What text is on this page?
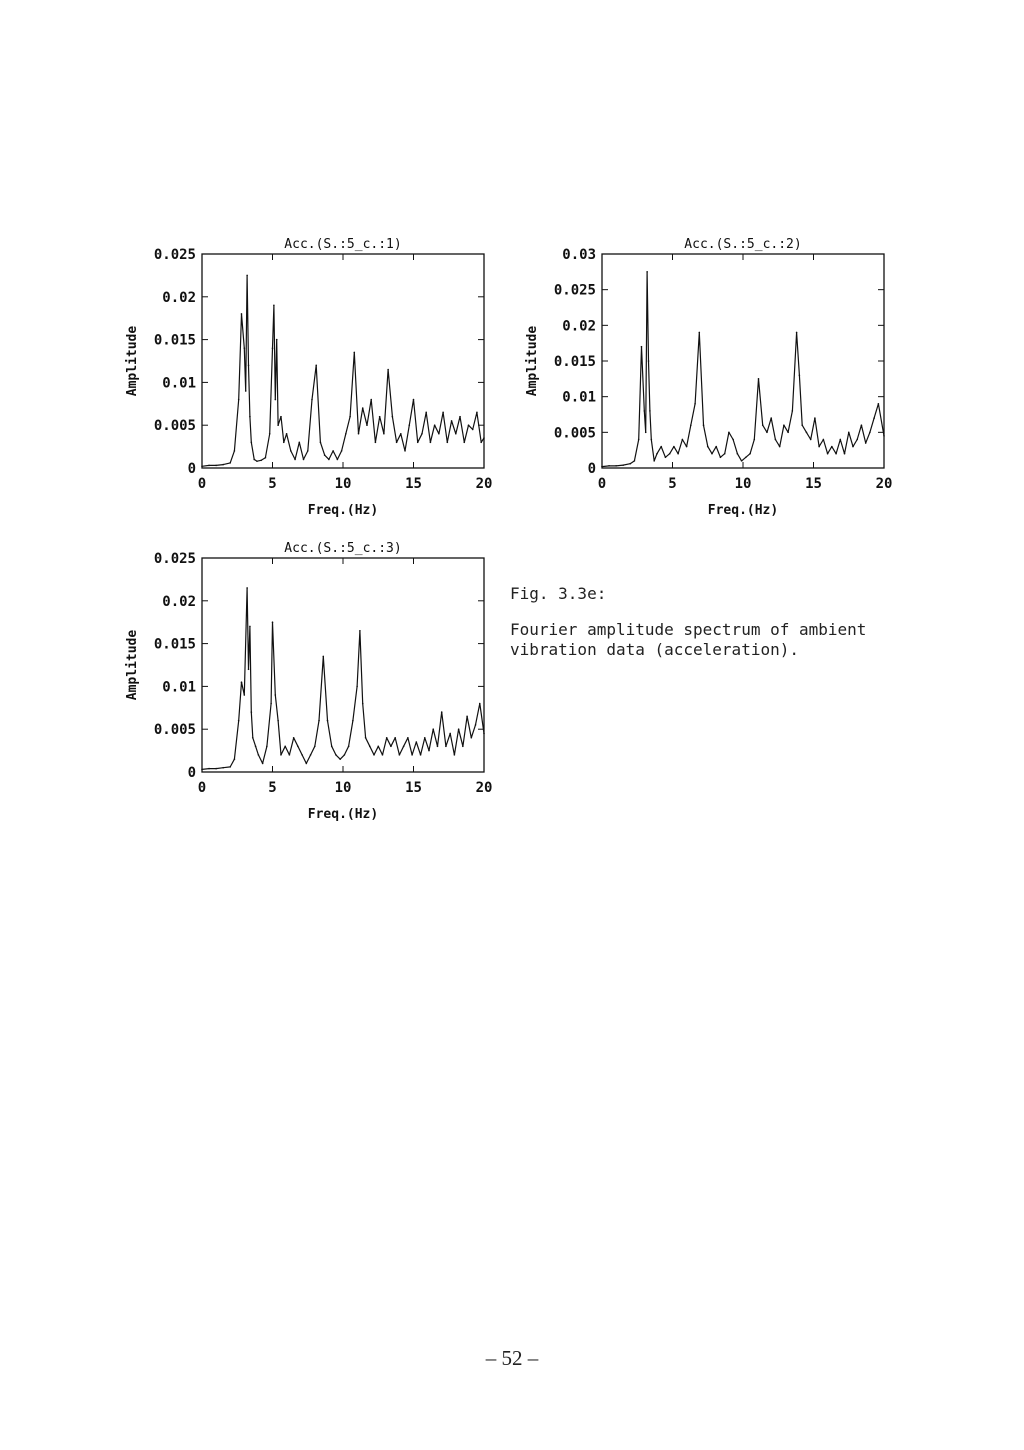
0	5	10	15	20
0
0.005
0.01
0.015
0.02
0.025
Acc.(S.:5_c.:1)
Freq.(Hz)
Amplitude
0	5	10	15	20
0
0.005
0.01
0.015
0.02
0.025
0.03
Acc.(S.:5_c.:2)
Freq.(Hz)
Amplitude
0	5	10	15	20
0
0.005
0.01
0.015
0.02
0.025
Acc.(S.:5_c.:3)
Freq.(Hz)
Amplitude
Fig. 3.3e:
Fourier amplitude spectrum of ambient vibration data (acceleration).
– 52 –
